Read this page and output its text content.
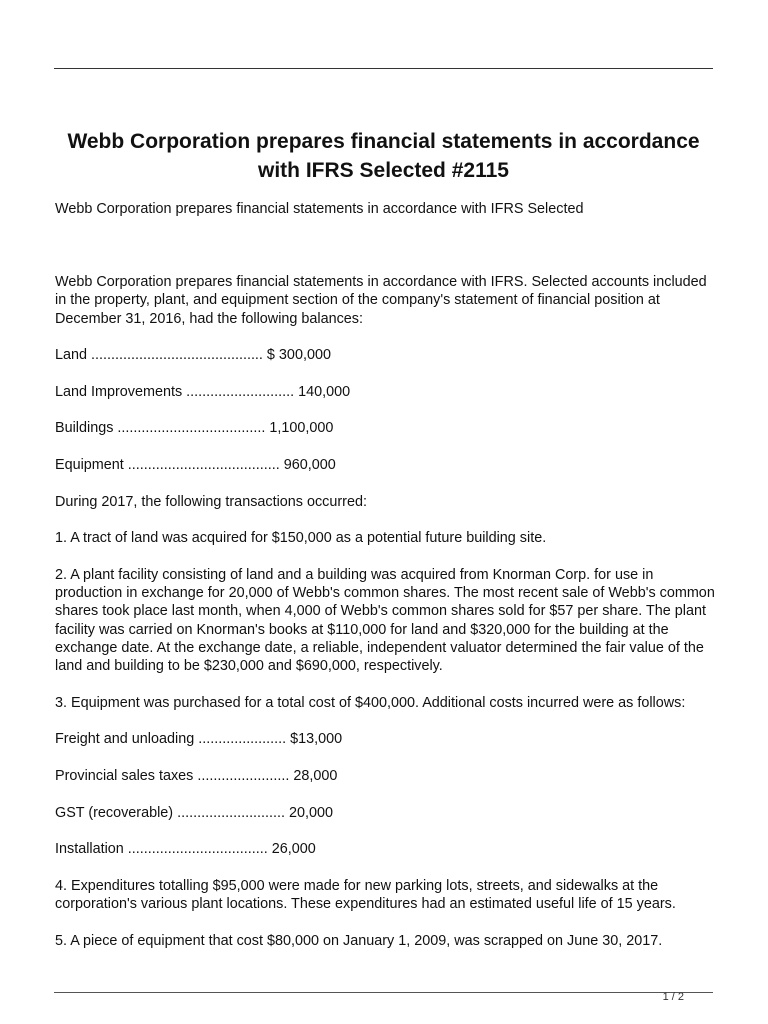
Webb Corporation prepares financial statements in accordance with IFRS Selected #2115

Webb Corporation prepares financial statements in accordance with IFRS Selected

Webb Corporation prepares financial statements in accordance with IFRS. Selected accounts included in the property, plant, and equipment section of the company's statement of financial position at December 31, 2016, had the following balances:

Land ........................................... $ 300,000

Land Improvements ........................... 140,000

Buildings ..................................... 1,100,000

Equipment ...................................... 960,000

During 2017, the following transactions occurred:

1. A tract of land was acquired for $150,000 as a potential future building site.

2. A plant facility consisting of land and a building was acquired from Knorman Corp. for use in production in exchange for 20,000 of Webb's common shares. The most recent sale of Webb's common shares took place last month, when 4,000 of Webb's common shares sold for $57 per share. The plant facility was carried on Knorman's books at $110,000 for land and $320,000 for the building at the exchange date. At the exchange date, a reliable, independent valuator determined the fair value of the land and building to be $230,000 and $690,000, respectively.

3. Equipment was purchased for a total cost of $400,000. Additional costs incurred were as follows:

Freight and unloading ...................... $13,000

Provincial sales taxes ....................... 28,000

GST (recoverable) ........................... 20,000

Installation ................................... 26,000

4. Expenditures totalling $95,000 were made for new parking lots, streets, and sidewalks at the corporation's various plant locations. These expenditures had an estimated useful life of 15 years.

5. A piece of equipment that cost $80,000 on January 1, 2009, was scrapped on June 30, 2017.

1 / 2
